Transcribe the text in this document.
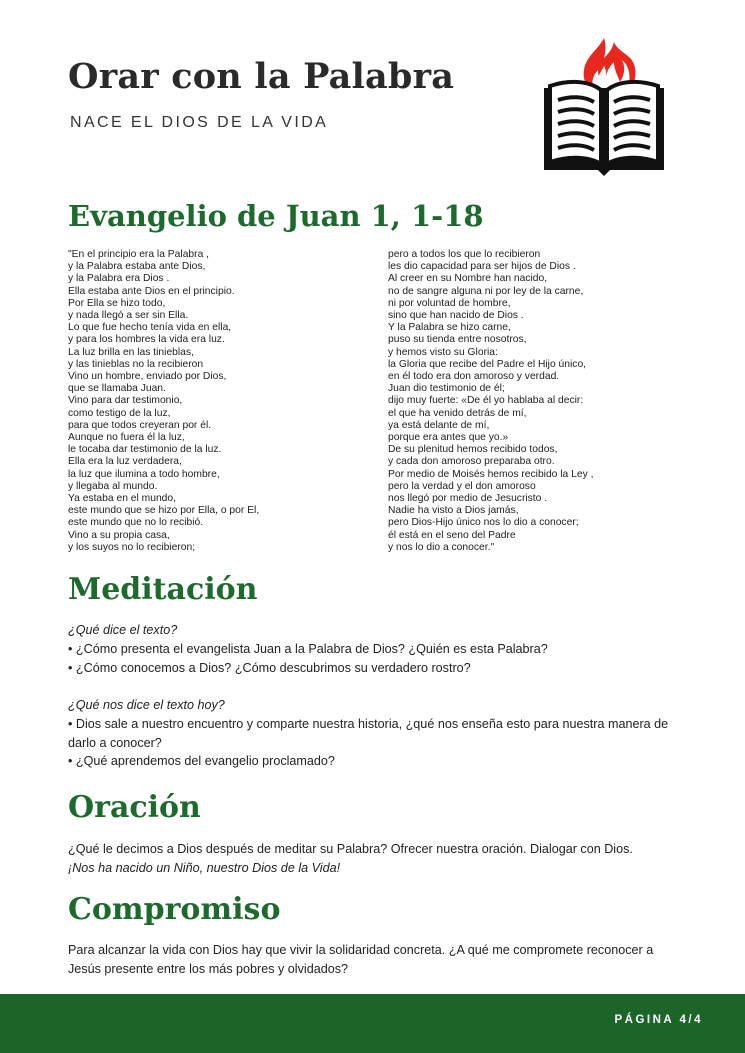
Orar con la Palabra
NACE EL DIOS DE LA VIDA
Evangelio de Juan 1, 1-18
"En el principio era la Palabra ,
y la Palabra estaba ante Dios,
y la Palabra era Dios .
Ella estaba ante Dios en el principio.
Por Ella se hizo todo,
y nada llegó a ser sin Ella.
Lo que fue hecho tenía vida en ella,
y para los hombres la vida era luz.
La luz brilla en las tinieblas,
y las tinieblas no la recibieron
Vino un hombre, enviado por Dios,
que se llamaba Juan.
Vino para dar testimonio,
como testigo de la luz,
para que todos creyeran por él.
Aunque no fuera él la luz,
le tocaba dar testimonio de la luz.
Ella era la luz verdadera,
la luz que ilumina a todo hombre,
y llegaba al mundo.
Ya estaba en el mundo,
este mundo que se hizo por Ella, o por El,
este mundo que no lo recibió.
Vino a su propia casa,
y los suyos no lo recibieron;
pero a todos los que lo recibieron
les dio capacidad para ser hijos de Dios .
Al creer en su Nombre han nacido,
no de sangre alguna ni por ley de la carne,
ni por voluntad de hombre,
sino que han nacido de Dios .
Y la Palabra se hizo carne,
puso su tienda entre nosotros,
y hemos visto su Gloria:
la Gloria que recibe del Padre el Hijo único,
en él todo era don amoroso y verdad.
Juan dio testimonio de él;
dijo muy fuerte: «De él yo hablaba al decir:
el que ha venido detrás de mí,
ya está delante de mí,
porque era antes que yo.»
De su plenitud hemos recibido todos,
y cada don amoroso preparaba otro.
Por medio de Moisés hemos recibido la Ley ,
pero la verdad y el don amoroso
nos llegó por medio de Jesucristo .
Nadie ha visto a Dios jamás,
pero Dios-Hijo único nos lo dio a conocer;
él está en el seno del Padre
y nos lo dio a conocer."
Meditación

¿Qué dice el texto?

• ¿Cómo presenta el evangelista Juan a la Palabra de Dios? ¿Quién es esta Palabra?

• ¿Cómo conocemos a Dios? ¿Cómo descubrimos su verdadero rostro?

¿Qué nos dice el texto hoy?

• Dios sale a nuestro encuentro y comparte nuestra historia, ¿qué nos enseña esto para nuestra manera de darlo a conocer?

• ¿Qué aprendemos del evangelio proclamado?

Oración

¿Qué le decimos a Dios después de meditar su Palabra? Ofrecer nuestra oración. Dialogar con Dios.

¡Nos ha nacido un Niño, nuestro Dios de la Vida!

Compromiso

Para alcanzar la vida con Dios hay que vivir la solidaridad concreta. ¿A qué me compromete reconocer a Jesús presente entre los más pobres y olvidados?

PÁGINA 4/4
